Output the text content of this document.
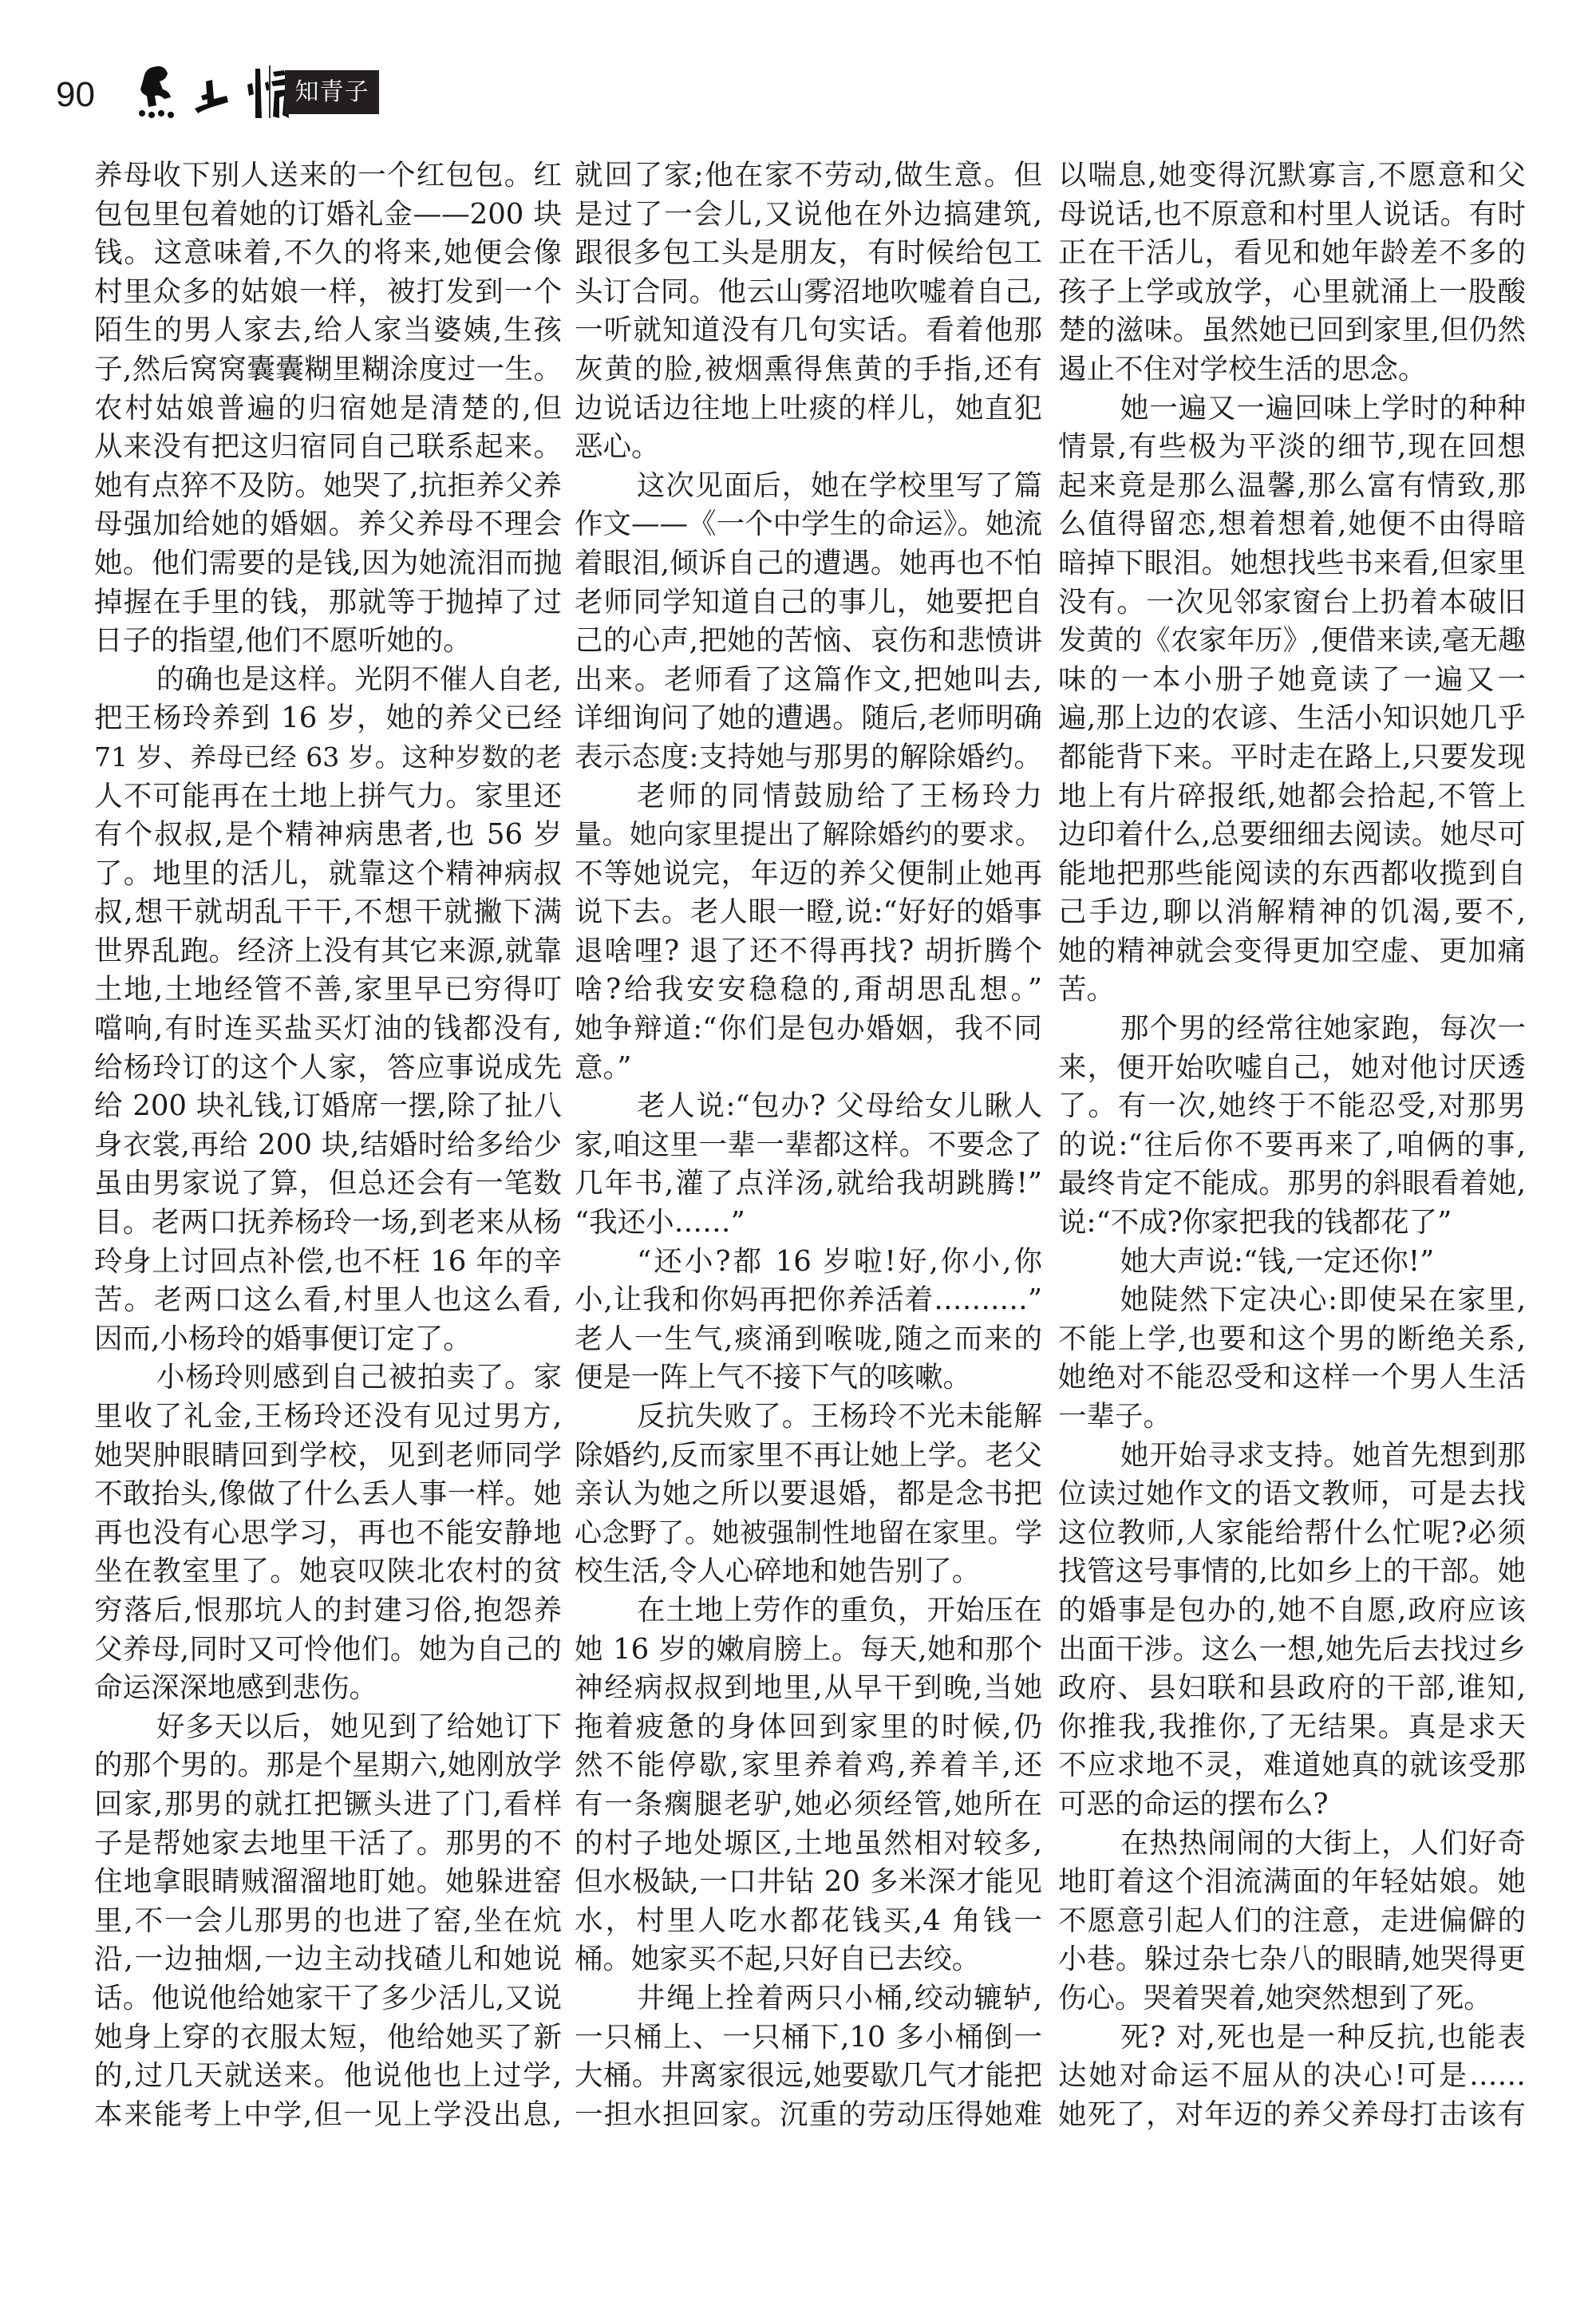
90	知青子女
养母收下别人送来的一个红包包。红
包包里包着她的订婚礼金——200 块
钱。这意味着,不久的将来,她便会像
村里众多的姑娘一样，被打发到一个
陌生的男人家去,给人家当婆姨,生孩
子,然后窝窝囊囊糊里糊涂度过一生。
农村姑娘普遍的归宿她是清楚的,但
从来没有把这归宿同自己联系起来。
她有点猝不及防。她哭了,抗拒养父养
母强加给她的婚姻。养父养母不理会
她。他们需要的是钱,因为她流泪而抛
掉握在手里的钱，那就等于抛掉了过
日子的指望,他们不愿听她的。
的确也是这样。光阴不催人自老,
把王杨玲养到 16 岁，她的养父已经
71 岁、养母已经 63 岁。这种岁数的老
人不可能再在土地上拼气力。家里还
有个叔叔,是个精神病患者,也 56 岁
了。地里的活儿，就靠这个精神病叔
叔,想干就胡乱干干,不想干就撇下满
世界乱跑。经济上没有其它来源,就靠
土地,土地经管不善,家里早已穷得叮
噹响,有时连买盐买灯油的钱都没有,
给杨玲订的这个人家，答应事说成先
给 200 块礼钱,订婚席一摆,除了扯八
身衣裳,再给 200 块,结婚时给多给少
虽由男家说了算，但总还会有一笔数
目。老两口抚养杨玲一场,到老来从杨
玲身上讨回点补偿,也不枉 16 年的辛
苦。老两口这么看,村里人也这么看,
因而,小杨玲的婚事便订定了。
小杨玲则感到自己被拍卖了。家
里收了礼金,王杨玲还没有见过男方,
她哭肿眼睛回到学校，见到老师同学
不敢抬头,像做了什么丢人事一样。她
再也没有心思学习，再也不能安静地
坐在教室里了。她哀叹陕北农村的贫
穷落后,恨那坑人的封建习俗,抱怨养
父养母,同时又可怜他们。她为自己的
命运深深地感到悲伤。
好多天以后，她见到了给她订下
的那个男的。那是个星期六,她刚放学
回家,那男的就扛把镢头进了门,看样
子是帮她家去地里干活了。那男的不
住地拿眼睛贼溜溜地盯她。她躲进窑
里,不一会儿那男的也进了窑,坐在炕
沿,一边抽烟,一边主动找碴儿和她说
话。他说他给她家干了多少活儿,又说
她身上穿的衣服太短，他给她买了新
的,过几天就送来。他说他也上过学,
本来能考上中学,但一见上学没出息,
就回了家;他在家不劳动,做生意。但
是过了一会儿,又说他在外边搞建筑,
跟很多包工头是朋友，有时候给包工
头订合同。他云山雾沼地吹嘘着自己,
一听就知道没有几句实话。看着他那
灰黄的脸,被烟熏得焦黄的手指,还有
边说话边往地上吐痰的样儿，她直犯
恶心。
这次见面后，她在学校里写了篇
作文——《一个中学生的命运》。她流
着眼泪,倾诉自己的遭遇。她再也不怕
老师同学知道自己的事儿，她要把自
己的心声,把她的苦恼、哀伤和悲愤讲
出来。老师看了这篇作文,把她叫去,
详细询问了她的遭遇。随后,老师明确
表示态度:支持她与那男的解除婚约。
老师的同情鼓励给了王杨玲力
量。她向家里提出了解除婚约的要求。
不等她说完，年迈的养父便制止她再
说下去。老人眼一瞪,说:“好好的婚事
退啥哩? 退了还不得再找? 胡折腾个
啥?给我安安稳稳的,甭胡思乱想。”
她争辩道:“你们是包办婚姻，我不同
意。”
老人说:“包办? 父母给女儿瞅人
家,咱这里一辈一辈都这样。不要念了
几年书,灌了点洋汤,就给我胡跳腾!”
“我还小……”
“还小?都 16 岁啦!好,你小,你
小,让我和你妈再把你养活着…….…”
老人一生气,痰涌到喉咙,随之而来的
便是一阵上气不接下气的咳嗽。
反抗失败了。王杨玲不光未能解
除婚约,反而家里不再让她上学。老父
亲认为她之所以要退婚，都是念书把
心念野了。她被强制性地留在家里。学
校生活,令人心碎地和她告别了。
在土地上劳作的重负，开始压在
她 16 岁的嫩肩膀上。每天,她和那个
神经病叔叔到地里,从早干到晚,当她
拖着疲惫的身体回到家里的时候,仍
然不能停歇,家里养着鸡,养着羊,还
有一条瘸腿老驴,她必须经管,她所在
的村子地处塬区,土地虽然相对较多,
但水极缺,一口井钻 20 多米深才能见
水，村里人吃水都花钱买,4 角钱一
桶。她家买不起,只好自已去绞。
井绳上拴着两只小桶,绞动辘轳,
一只桶上、一只桶下,10 多小桶倒一
大桶。井离家很远,她要歇几气才能把
一担水担回家。沉重的劳动压得她难
以喘息,她变得沉默寡言,不愿意和父
母说话,也不原意和村里人说话。有时
正在干活儿，看见和她年龄差不多的
孩子上学或放学，心里就涌上一股酸
楚的滋味。虽然她已回到家里,但仍然
遏止不住对学校生活的思念。
她一遍又一遍回味上学时的种种
情景,有些极为平淡的细节,现在回想
起来竟是那么温馨,那么富有情致,那
么值得留恋,想着想着,她便不由得暗
暗掉下眼泪。她想找些书来看,但家里
没有。一次见邻家窗台上扔着本破旧
发黄的《农家年历》,便借来读,毫无趣
味的一本小册子她竟读了一遍又一
遍,那上边的农谚、生活小知识她几乎
都能背下来。平时走在路上,只要发现
地上有片碎报纸,她都会拾起,不管上
边印着什么,总要细细去阅读。她尽可
能地把那些能阅读的东西都收揽到自
己手边,聊以消解精神的饥渴,要不,
她的精神就会变得更加空虚、更加痛
苦。
那个男的经常往她家跑，每次一
来，便开始吹嘘自己，她对他讨厌透
了。有一次,她终于不能忍受,对那男
的说:“往后你不要再来了,咱俩的事,
最终肯定不能成。那男的斜眼看着她,
说:“不成?你家把我的钱都花了”
她大声说:“钱,一定还你!”
她陡然下定决心:即使呆在家里,
不能上学,也要和这个男的断绝关系,
她绝对不能忍受和这样一个男人生活
一辈子。
她开始寻求支持。她首先想到那
位读过她作文的语文教师，可是去找
这位教师,人家能给帮什么忙呢?必须
找管这号事情的,比如乡上的干部。她
的婚事是包办的,她不自愿,政府应该
出面干涉。这么一想,她先后去找过乡
政府、县妇联和县政府的干部,谁知,
你推我,我推你,了无结果。真是求天
不应求地不灵，难道她真的就该受那
可恶的命运的摆布么?
在热热闹闹的大街上，人们好奇
地盯着这个泪流满面的年轻姑娘。她
不愿意引起人们的注意，走进偏僻的
小巷。躲过杂七杂八的眼睛,她哭得更
伤心。哭着哭着,她突然想到了死。
死? 对,死也是一种反抗,也能表
达她对命运不屈从的决心!可是……
她死了，对年迈的养父养母打击该有
